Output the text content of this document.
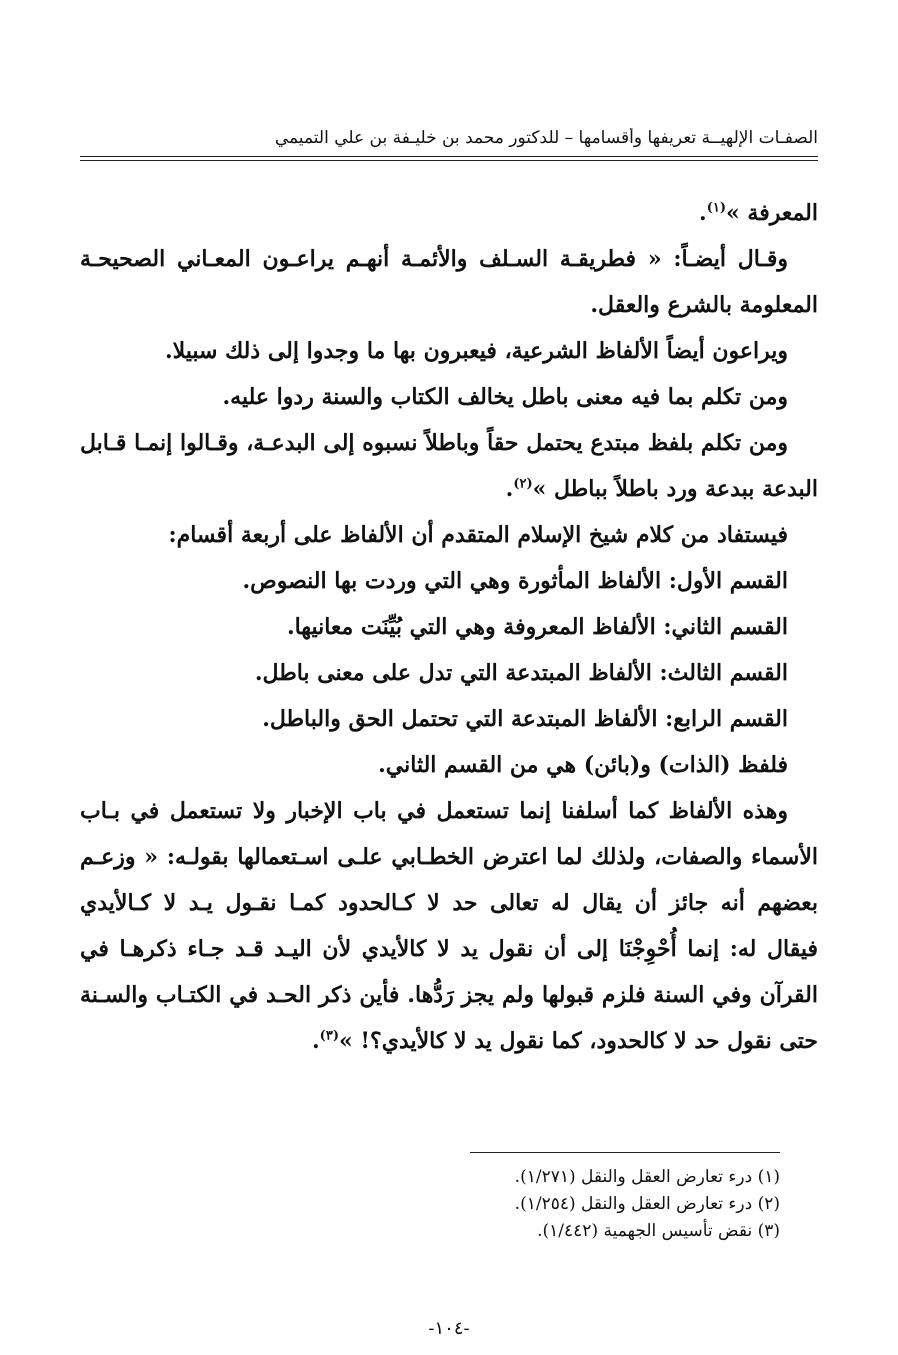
الصفـات الإلهيــة تعريفها وأقسامها – للدكتور محمد بن خليـفة بن علي التميمي
المعرفة »$^{(١)}$.
وقـال أيضـاً: « فطريقـة السـلف والأئمـة أنهـم يراعـون المعـاني الصحيحـة
المعلومة بالشرع والعقل.
ويراعون أيضاً الألفاظ الشرعية، فيعبرون بها ما وجدوا إلى ذلك سبيلا.
ومن تكلم بما فيه معنى باطل يخالف الكتاب والسنة ردوا عليه.
ومن تكلم بلفظ مبتدع يحتمل حقاً وباطلاً نسبوه إلى البدعـة، وقـالوا إنمـا قـابل
البدعة ببدعة ورد باطلاً بباطل »$^{(٢)}$.
فيستفاد من كلام شيخ الإسلام المتقدم أن الألفاظ على أربعة أقسام:
القسم الأول: الألفاظ المأثورة وهي التي وردت بها النصوص.
القسم الثاني: الألفاظ المعروفة وهي التي بُيِّنَت معانيها.
القسم الثالث: الألفاظ المبتدعة التي تدل على معنى باطل.
القسم الرابع: الألفاظ المبتدعة التي تحتمل الحق والباطل.
فلفظ (الذات) و(بائن) هي من القسم الثاني.
وهذه الألفاظ كما أسلفنا إنما تستعمل في باب الإخبار ولا تستعمل في بـاب
الأسماء والصفات، ولذلك لما اعترض الخطـابي علـى اسـتعمالها بقولـه: « وزعـم
بعضهم أنه جائز أن يقال له تعالى حد لا كـالحدود كمـا نقـول يـد لا كـالأيدي
فيقال له: إنما أُحْوِجْنَا إلى أن نقول يد لا كالأيدي لأن اليـد قـد جـاء ذكرهـا في
القرآن وفي السنة فلزم قبولها ولم يجز رَدُّها. فأين ذكر الحـد في الكتـاب والسـنة
حتى نقول حد لا كالحدود، كما نقول يد لا كالأيدي؟! »$^{(٣)}$.
(١) درء تعارض العقل والنقل (١/٢٧١).
(٢) درء تعارض العقل والنقل (١/٢٥٤).
(٣) نقض تأسيس الجهمية (١/٤٤٢).
-١٠٤-
